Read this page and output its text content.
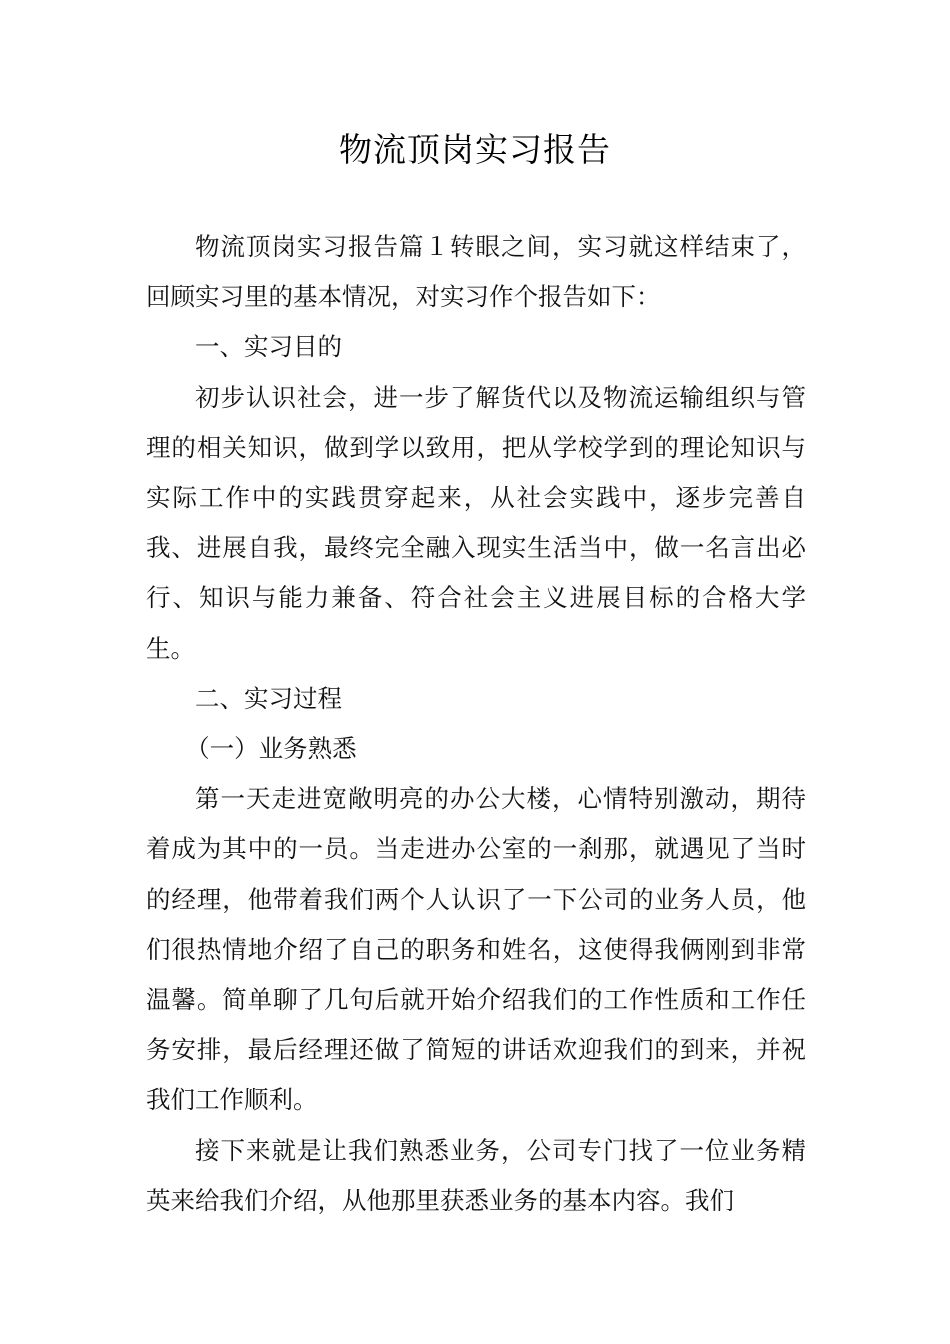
物流顶岗实习报告

物流顶岗实习报告篇１转眼之间，实习就这样结束了，回顾实习里的基本情况，对实习作个报告如下：

一、实习目的

初步认识社会，进一步了解货代以及物流运输组织与管理的相关知识，做到学以致用，把从学校学到的理论知识与实际工作中的实践贯穿起来，从社会实践中，逐步完善自我、进展自我，最终完全融入现实生活当中，做一名言出必行、知识与能力兼备、符合社会主义进展目标的合格大学生。

二、实习过程

（一）业务熟悉

第一天走进宽敞明亮的办公大楼，心情特别激动，期待着成为其中的一员。当走进办公室的一刹那，就遇见了当时的经理，他带着我们两个人认识了一下公司的业务人员，他们很热情地介绍了自己的职务和姓名，这使得我俩刚到非常温馨。简单聊了几句后就开始介绍我们的工作性质和工作任务安排，最后经理还做了简短的讲话欢迎我们的到来，并祝我们工作顺利。

接下来就是让我们熟悉业务，公司专门找了一位业务精英来给我们介绍，从他那里获悉业务的基本内容。我们
